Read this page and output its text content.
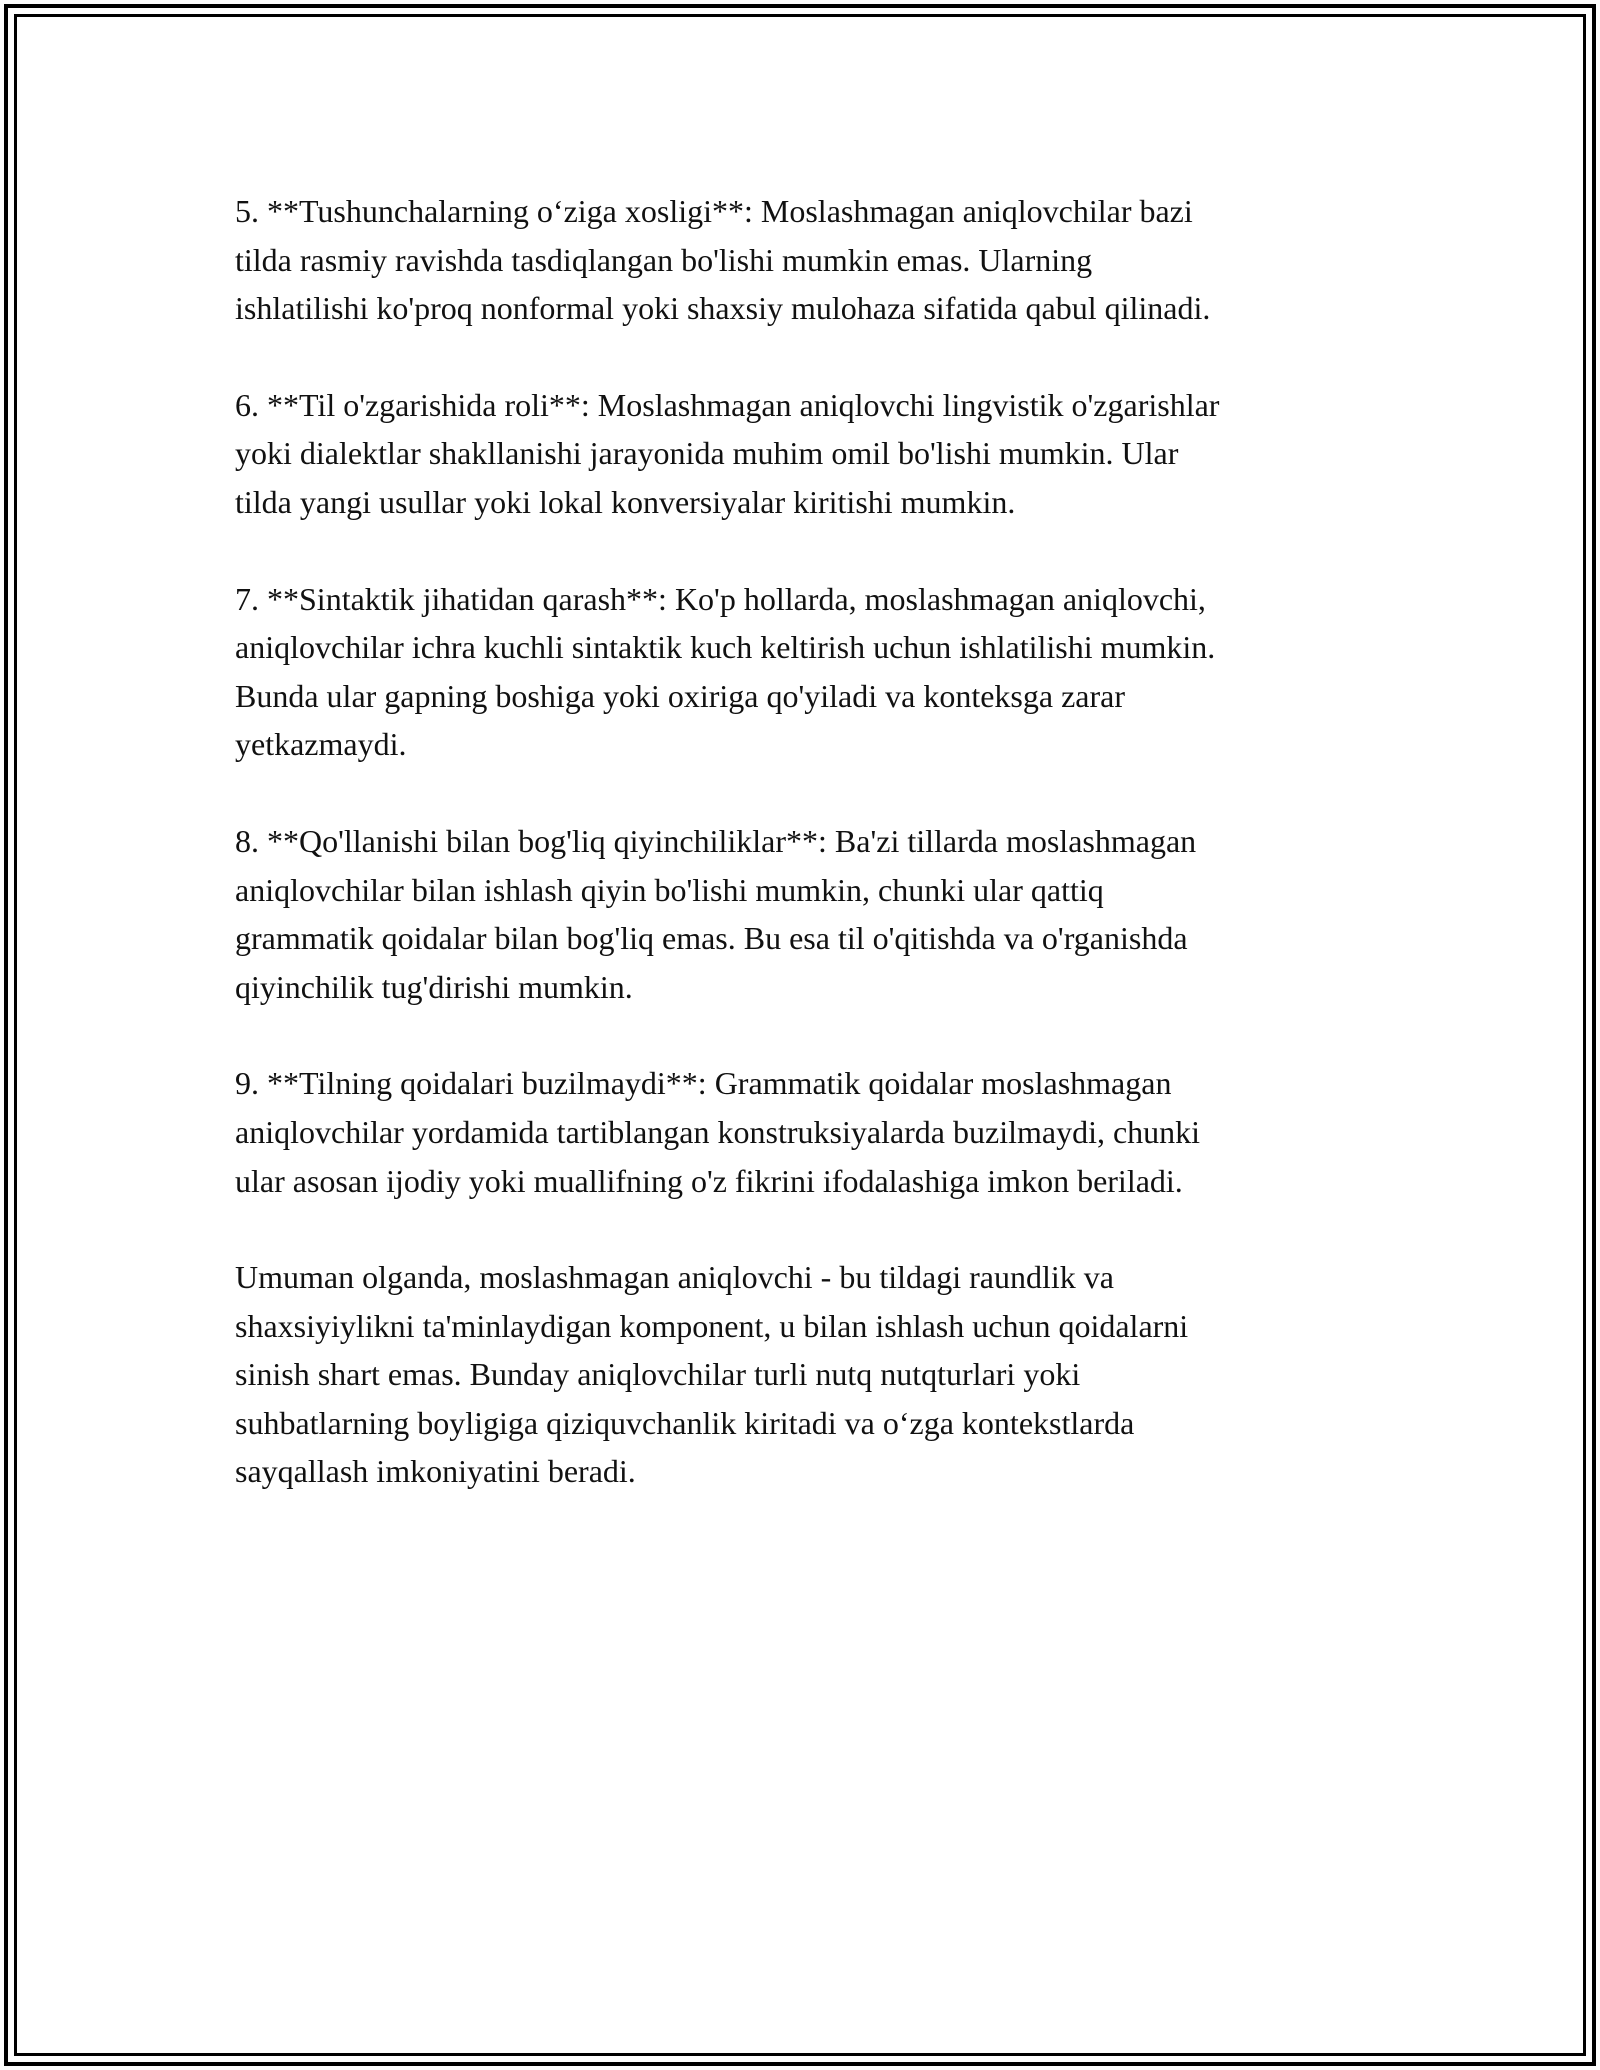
5. **Tushunchalarning o‘ziga xosligi**: Moslashmagan aniqlovchilar bazi
tilda rasmiy ravishda tasdiqlangan bo'lishi mumkin emas. Ularning
ishlatilishi ko'proq nonformal yoki shaxsiy mulohaza sifatida qabul qilinadi.

6. **Til o'zgarishida roli**: Moslashmagan aniqlovchi lingvistik o'zgarishlar
yoki dialektlar shakllanishi jarayonida muhim omil bo'lishi mumkin. Ular
tilda yangi usullar yoki lokal konversiyalar kiritishi mumkin.

7. **Sintaktik jihatidan qarash**: Ko'p hollarda, moslashmagan aniqlovchi,
aniqlovchilar ichra kuchli sintaktik kuch keltirish uchun ishlatilishi mumkin.
Bunda ular gapning boshiga yoki oxiriga qo'yiladi va konteksga zarar
yetkazmaydi.

8. **Qo'llanishi bilan bog'liq qiyinchiliklar**: Ba'zi tillarda moslashmagan
aniqlovchilar bilan ishlash qiyin bo'lishi mumkin, chunki ular qattiq
grammatik qoidalar bilan bog'liq emas. Bu esa til o'qitishda va o'rganishda
qiyinchilik tug'dirishi mumkin.

9. **Tilning qoidalari buzilmaydi**: Grammatik qoidalar moslashmagan
aniqlovchilar yordamida tartiblangan konstruksiyalarda buzilmaydi, chunki
ular asosan ijodiy yoki muallifning o'z fikrini ifodalashiga imkon beriladi.

Umuman olganda, moslashmagan aniqlovchi - bu tildagi raundlik va
shaxsiyiylikni ta'minlaydigan komponent, u bilan ishlash uchun qoidalarni
sinish shart emas. Bunday aniqlovchilar turli nutq nutqturlari yoki
suhbatlarning boyligiga qiziquvchanlik kiritadi va o‘zga kontekstlarda
sayqallash imkoniyatini beradi.
